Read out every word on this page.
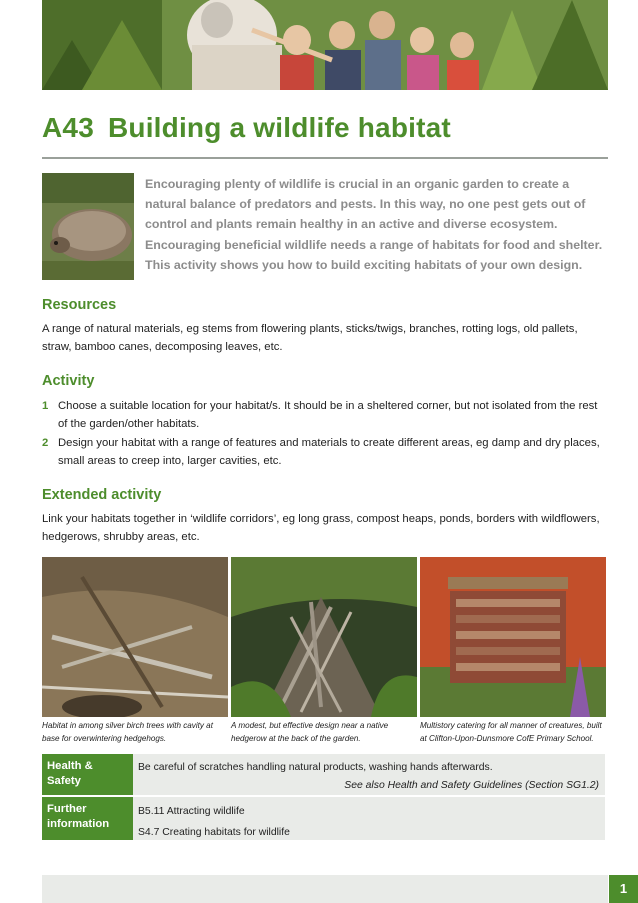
A43 Building a wildlife habitat
Encouraging plenty of wildlife is crucial in an organic garden to create a natural balance of predators and pests. In this way, no one pest gets out of control and plants remain healthy in an active and diverse ecosystem. Encouraging beneficial wildlife needs a range of habitats for food and shelter. This activity shows you how to build exciting habitats of your own design.
Resources
A range of natural materials, eg stems from flowering plants, sticks/twigs, branches, rotting logs, old pallets, straw, bamboo canes, decomposing leaves, etc.
Activity
1 Choose a suitable location for your habitat/s. It should be in a sheltered corner, but not isolated from the rest of the garden/other habitats.
2 Design your habitat with a range of features and materials to create different areas, eg damp and dry places, small areas to creep into, larger cavities, etc.
Extended activity
Link your habitats together in ‘wildlife corridors’, eg long grass, compost heaps, ponds, borders with wildflowers, hedgerows, shrubby areas, etc.
Habitat in among silver birch trees with cavity at base for overwintering hedgehogs.
A modest, but effective design near a native hedgerow at the back of the garden.
Multistory catering for all manner of creatures, built at Clifton-Upon-Dunsmore CofE Primary School.
Health & Safety
Be careful of scratches handling natural products, washing hands afterwards.
See also Health and Safety Guidelines (Section SG1.2)
Further information
B5.11 Attracting wildlife
S4.7 Creating habitats for wildlife
1
